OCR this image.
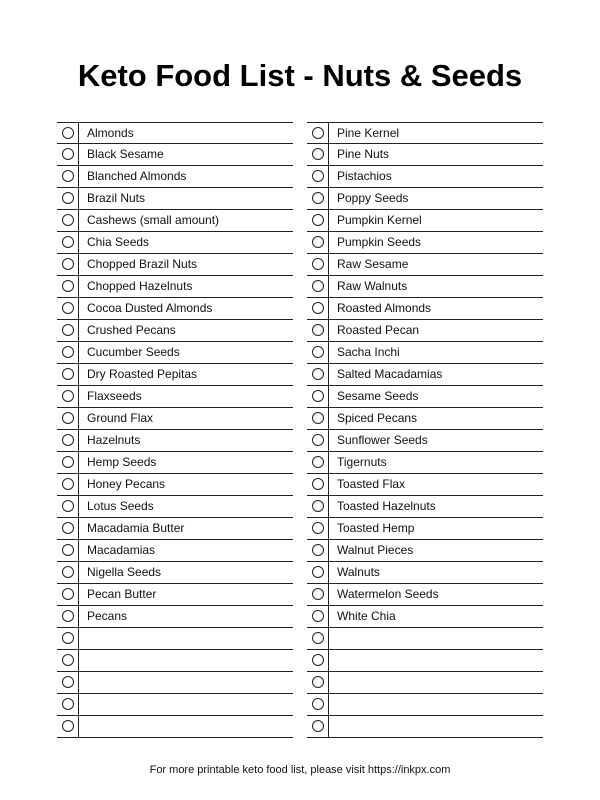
Keto Food List - Nuts & Seeds
Almonds
Black Sesame
Blanched Almonds
Brazil Nuts
Cashews (small amount)
Chia Seeds
Chopped Brazil Nuts
Chopped Hazelnuts
Cocoa Dusted Almonds
Crushed Pecans
Cucumber Seeds
Dry Roasted Pepitas
Flaxseeds
Ground Flax
Hazelnuts
Hemp Seeds
Honey Pecans
Lotus Seeds
Macadamia Butter
Macadamias
Nigella Seeds
Pecan Butter
Pecans
Pine Kernel
Pine Nuts
Pistachios
Poppy Seeds
Pumpkin Kernel
Pumpkin Seeds
Raw Sesame
Raw Walnuts
Roasted Almonds
Roasted Pecan
Sacha Inchi
Salted Macadamias
Sesame Seeds
Spiced Pecans
Sunflower Seeds
Tigernuts
Toasted Flax
Toasted Hazelnuts
Toasted Hemp
Walnut Pieces
Walnuts
Watermelon Seeds
White Chia
For more printable keto food list, please visit https://inkpx.com
